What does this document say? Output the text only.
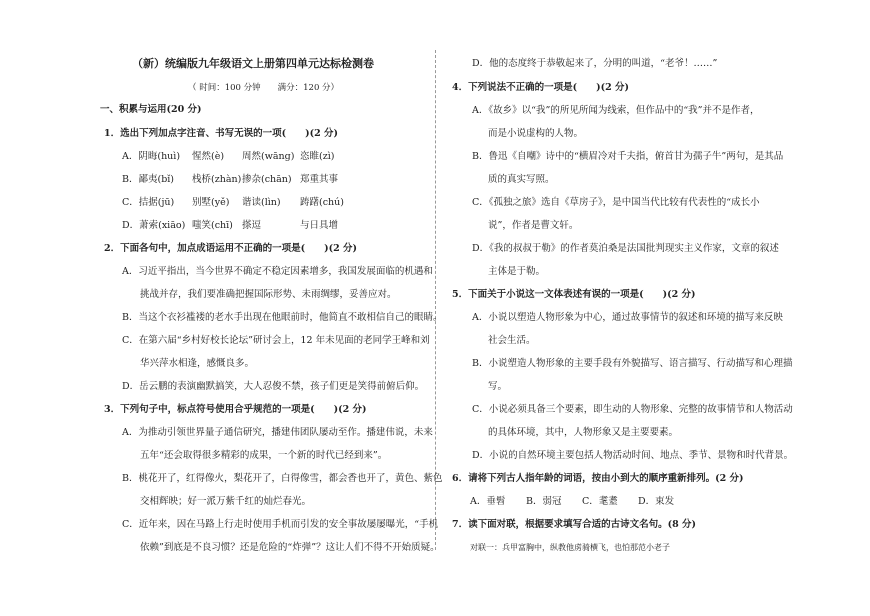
（新）统编版九年级语文上册第四单元达标检测卷
（ 时间：100 分钟　　满分：120 分）
一、积累与运用(20 分)
1．选出下列加点字注音、书写无误的一项(　　)(2 分)
A．阴晦(huì) 惺然(è) 周然(wāng) 恣睢(zì)
B．鄙夷(bǐ) 栈桥(zhàn) 掺杂(chān) 郑重其事
C．拮据(jū) 别墅(yě) 谐读(lìn) 踌躇(chú)
D．萧索(xiāo) 嗤笑(chī) 搽逗	与日具增
2．下面各句中，加点成语运用不正确的一项是(　　)(2 分)
A．习近平指出，当今世界不确定不稳定因素增多，我国发展面临的机遇和
挑战并存，我们要准确把握国际形势、未雨绸缪，妥善应对。
B．当这个衣衫褴褛的老水手出现在他眼前时，他简直不敢相信自己的眼睛。
C．在第六届“乡村好校长论坛”研讨会上，12 年未见面的老同学王峰和刘
华兴萍水相逢，感慨良多。
D．岳云鹏的表演幽默搞笑，大人忍俊不禁，孩子们更是笑得前俯后仰。
3．下列句子中，标点符号使用合乎规范的一项是(　　)(2 分)
A．为推动引领世界量子通信研究，播建伟团队屡动至作。播建伟说，未来
五年“还会取得很多精彩的成果，一个新的时代已经到来”。
B．桃花开了，红得像火，梨花开了，白得像雪，都会香也开了，黄色、紫色
交相辉映；好一派万紫千红的灿烂春光。
C．近年来，因在马路上行走时使用手机而引发的安全事故屡屡曝光，“手机
依赖”到底是不良习惯？还是危险的“炸弹”？这让人们不得不开始质疑。
D．他的态度终于恭敬起来了，分明的叫道，“老爷！……”
4．下列说法不正确的一项是(　　)(2 分)
A．《故乡》以“我”的所见所闻为线索，但作品中的“我”并不是作者，
而是小说虚构的人物。
B．鲁迅《自嘲》诗中的“横眉冷对千夫指，俯首甘为孺子牛”两句，是其品
质的真实写照。
C．《孤独之旅》选自《草房子》，是中国当代比较有代表性的“成长小
说”，作者是曹文轩。
D．《我的叔叔于勒》的作者莫泊桑是法国批判现实主义作家，文章的叙述
主体是于勒。
5．下面关于小说这一文体表述有误的一项是(　　)(2 分)
A．小说以塑造人物形象为中心，通过故事情节的叙述和环境的描写来反映
社会生活。
B．小说塑造人物形象的主要手段有外貌描写、语言描写、行动描写和心理描
写。
C．小说必须具备三个要素，即生动的人物形象、完整的故事情节和人物活动
的具体环境，其中，人物形象又是主要要素。
D．小说的自然环境主要包括人物活动时间、地点、季节、景物和时代背景。
6．请将下列古人指年龄的词语，按由小到大的顺序重新排列。(2 分)
A．垂髫 B．弱冠 C．耄耋 D．束发
7．读下面对联，根据要求填写合适的古诗文名句。(8 分)
对联一：兵甲富胸中，纵教他虏骑横飞，也怕那范小老子
